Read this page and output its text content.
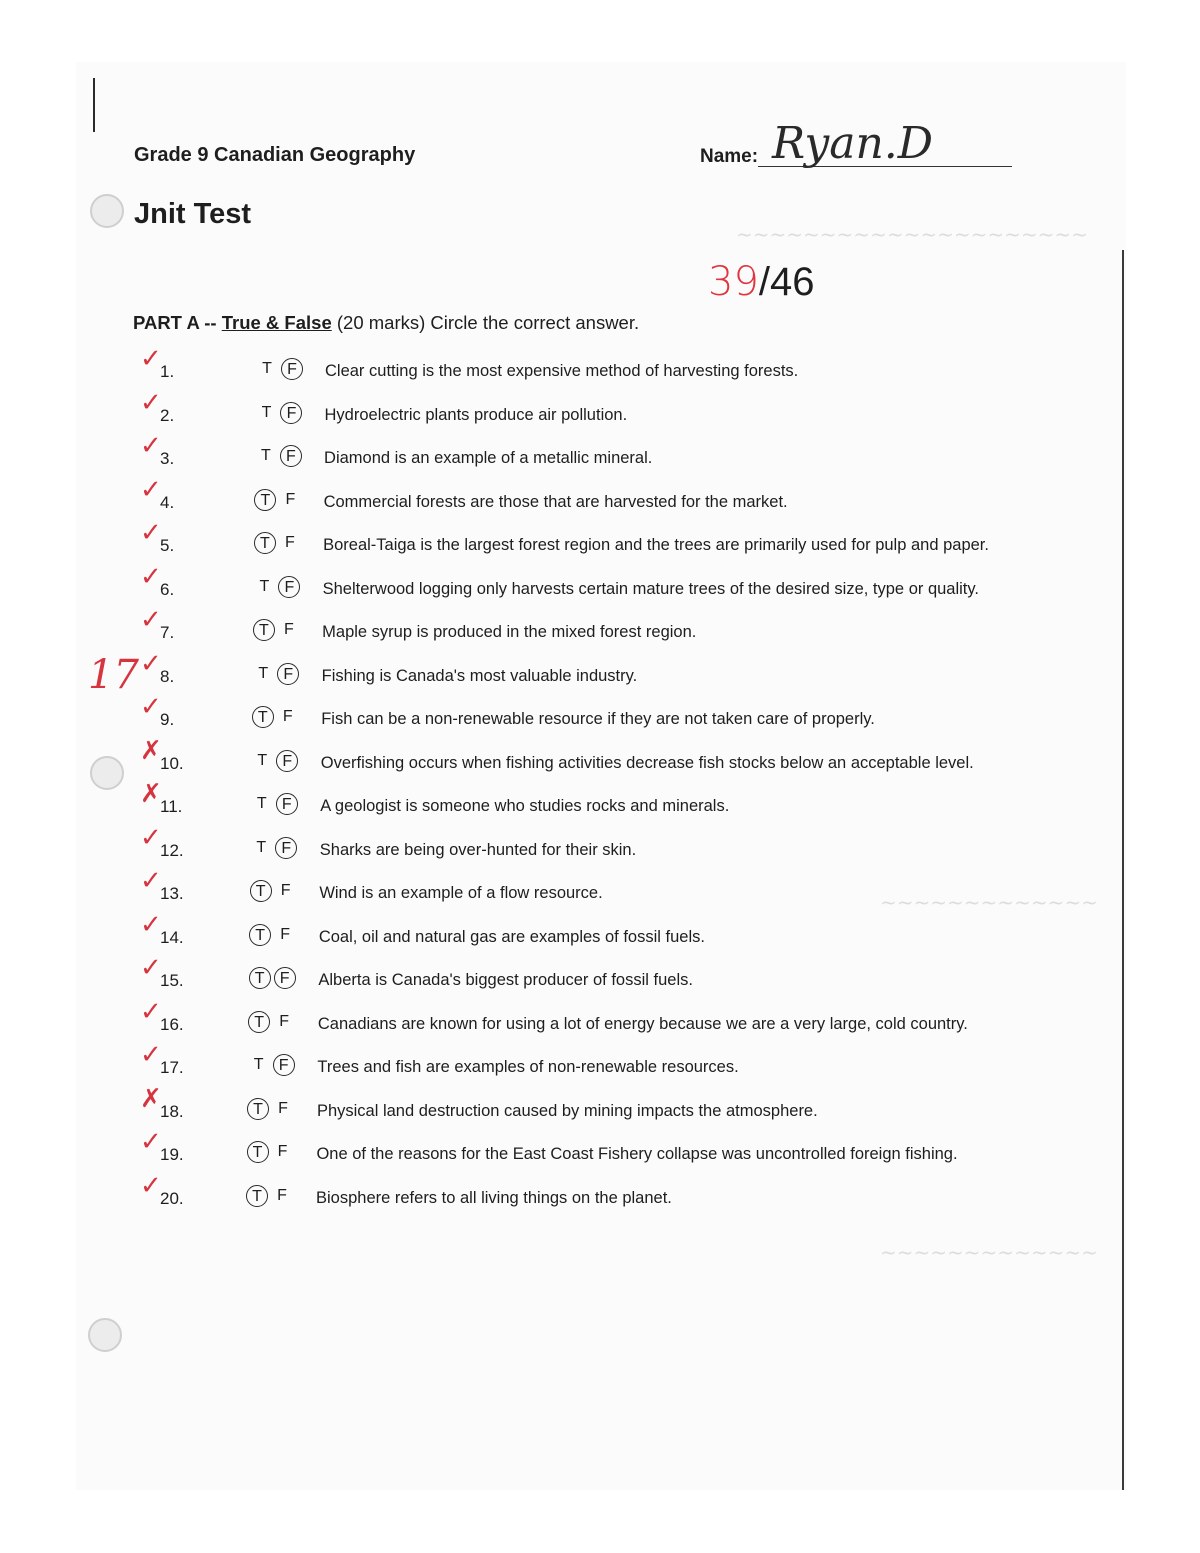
~~~~~~~~~~~~~~~~~~~~~
~~~~~~~~~~~~~
~~~~~~~~~~~~~
Grade 9 Canadian Geography
Jnit Test
Name: Ryan.D
39/46
PART A -- True & False (20 marks) Circle the correct answer.
17
✓
1.	T F	Clear cutting is the most expensive method of harvesting forests.
✓
2.	T F	Hydroelectric plants produce air pollution.
✓
3.	T F	Diamond is an example of a metallic mineral.
✓
4.	T F	Commercial forests are those that are harvested for the market.
✓
5.	T F	Boreal-Taiga is the largest forest region and the trees are primarily used for pulp and paper.
✓
6.	T F	Shelterwood logging only harvests certain mature trees of the desired size, type or quality.
✓
7.	T F	Maple syrup is produced in the mixed forest region.
✓
8.	T F	Fishing is Canada's most valuable industry.
✓
9.	T F	Fish can be a non-renewable resource if they are not taken care of properly.
✗
10.	T F	Overfishing occurs when fishing activities decrease fish stocks below an acceptable level.
✗
11.	T F	A geologist is someone who studies rocks and minerals.
✓
12.	T F	Sharks are being over-hunted for their skin.
✓
13.	T F	Wind is an example of a flow resource.
✓
14.	T F	Coal, oil and natural gas are examples of fossil fuels.
✓
15.	T F	Alberta is Canada's biggest producer of fossil fuels.
✓
16.	T F	Canadians are known for using a lot of energy because we are a very large, cold country.
✓
17.	T F	Trees and fish are examples of non-renewable resources.
✗
18.	T F	Physical land destruction caused by mining impacts the atmosphere.
✓
19.	T F	One of the reasons for the East Coast Fishery collapse was uncontrolled foreign fishing.
✓
20.	T F	Biosphere refers to all living things on the planet.
